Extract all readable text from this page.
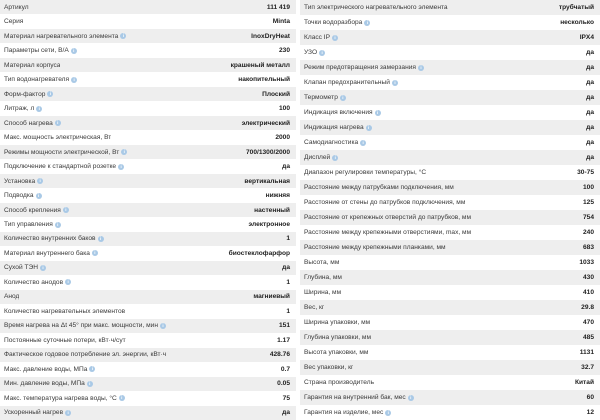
Артикул	111 419
Серия	Minta
Материал нагревательного элемента i	InoxDryHeat
Параметры сети, В/А i	230
Материал корпуса	крашеный металл
Тип водонагревателя i	накопительный
Форм-фактор i	Плоский
Литраж, л i	100
Способ нагрева i	электрический
Макс. мощность электрическая, Вт	2000
Режимы мощности электрической, Вт i	700/1300/2000
Подключение к стандартной розетке i	да
Установка i	вертикальная
Подводка i	нижняя
Способ крепления i	настенный
Тип управления i	электронное
Количество внутренних баков i	1
Материал внутреннего бака i	биостеклофарфор
Сухой ТЭН i	да
Количество анодов i	1
Анод	магниевый
Количество нагревательных элементов	1
Время нагрева на Δt 45° при макс. мощности, мин i	151
Постоянные суточные потери, кВт·ч/сут	1.17
Фактическое годовое потребление эл. энергии, кВт·ч	428.76
Макс. давление воды, МПа i	0.7
Мин. давление воды, МПа i	0.05
Макс. температура нагрева воды, °C i	75
Ускоренный нагрев i	да
Тип электрического нагревательного элемента	трубчатый
Точки водоразбора i	несколько
Класс IP i	IPX4
УЗО i	да
Режим предотвращения замерзания i	да
Клапан предохранительный i	да
Термометр i	да
Индикация включения i	да
Индикация нагрева i	да
Самодиагностика i	да
Дисплей i	да
Диапазон регулировки температуры, °C	30-75
Расстояние между патрубками подключения, мм	100
Расстояние от стены до патрубков подключения, мм	125
Расстояние от крепежных отверстий до патрубков, мм	754
Расстояние между крепежными отверстиями, max, мм	240
Расстояние между крепежными планками, мм	683
Высота, мм	1033
Глубина, мм	430
Ширина, мм	410
Вес, кг	29.8
Ширина упаковки, мм	470
Глубина упаковки, мм	485
Высота упаковки, мм	1131
Вес упаковки, кг	32.7
Страна производитель	Китай
Гарантия на внутренний бак, мес i	60
Гарантия на изделие, мес i	12
